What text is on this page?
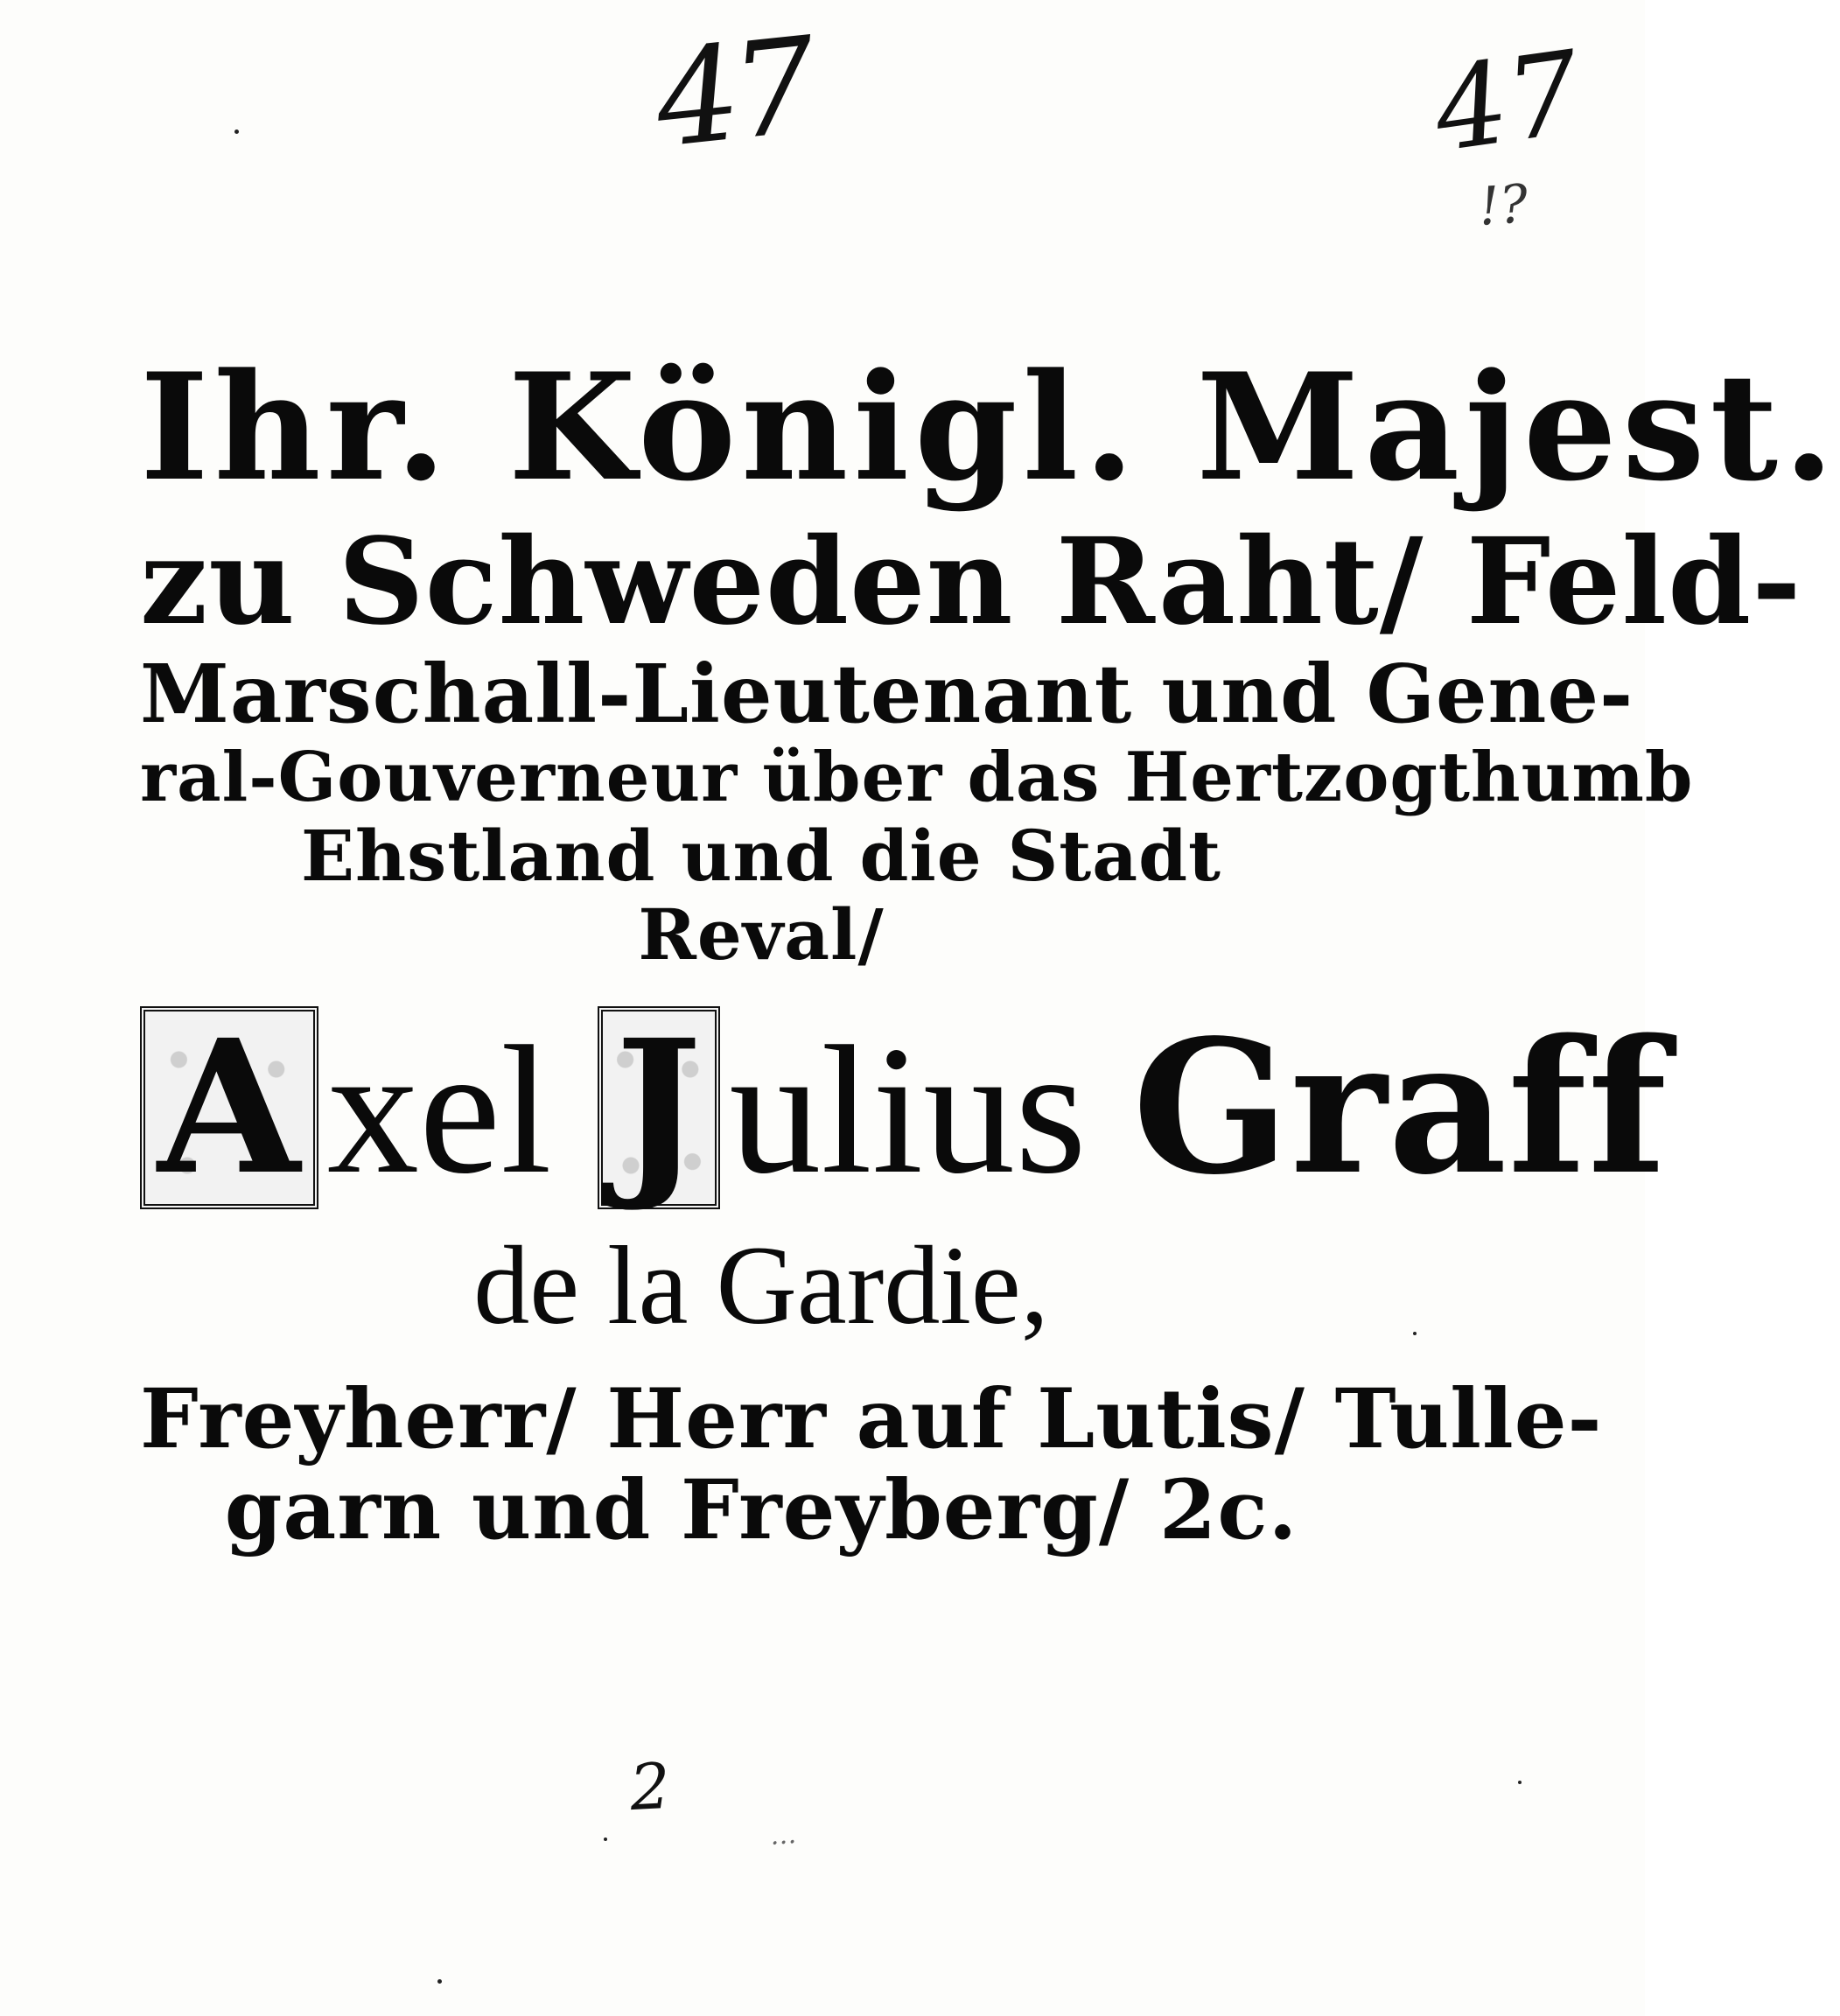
47	47
!?
2
…
Ihr. Königl. Majest.
zu Schweden Raht/ Feld-
Marschall-Lieutenant und Gene-
ral-Gouverneur über das Hertzogthumb
Ehstland und die Stadt
Reval/
A xel J ulius Graff
de la Gardie,
Freyherr/ Herr auf Lutis/ Tulle-
garn und Freyberg/ 2c.
